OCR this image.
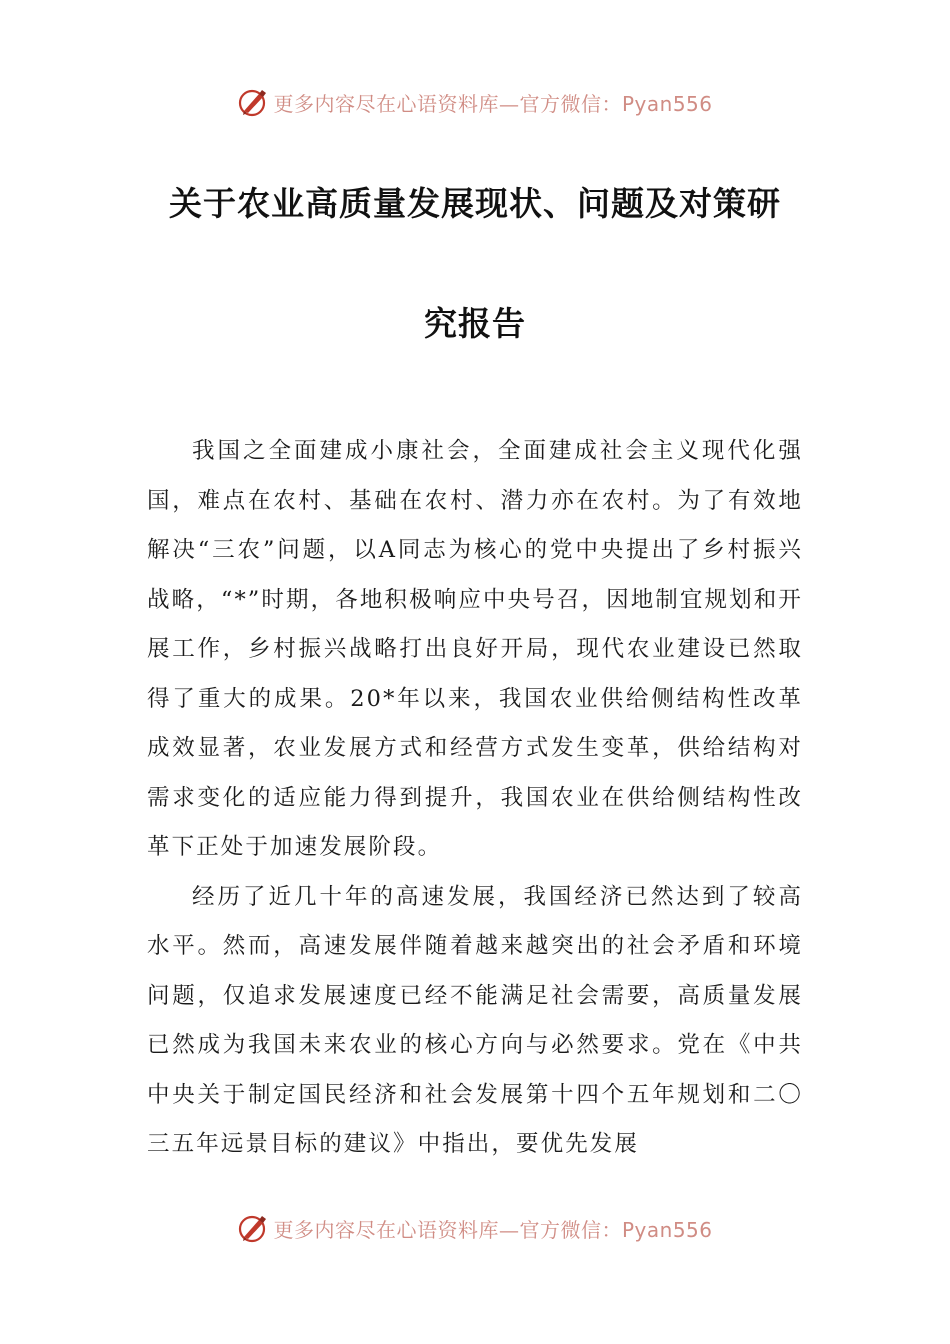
更多内容尽在心语资料库—官方微信：Pyan556
关于农业高质量发展现状、问题及对策研
究报告

我国之全面建成小康社会，全面建成社会主义现代化强国，难点在农村、基础在农村、潜力亦在农村。为了有效地解决“三农”问题，以A同志为核心的党中央提出了乡村振兴战略，“*”时期，各地积极响应中央号召，因地制宜规划和开展工作，乡村振兴战略打出良好开局，现代农业建设已然取得了重大的成果。20*年以来，我国农业供给侧结构性改革成效显著，农业发展方式和经营方式发生变革，供给结构对需求变化的适应能力得到提升，我国农业在供给侧结构性改革下正处于加速发展阶段。

经历了近几十年的高速发展，我国经济已然达到了较高水平。然而，高速发展伴随着越来越突出的社会矛盾和环境问题，仅追求发展速度已经不能满足社会需要，高质量发展已然成为我国未来农业的核心方向与必然要求。党在《中共中央关于制定国民经济和社会发展第十四个五年规划和二〇三五年远景目标的建议》中指出，要优先发展

更多内容尽在心语资料库—官方微信：Pyan556
